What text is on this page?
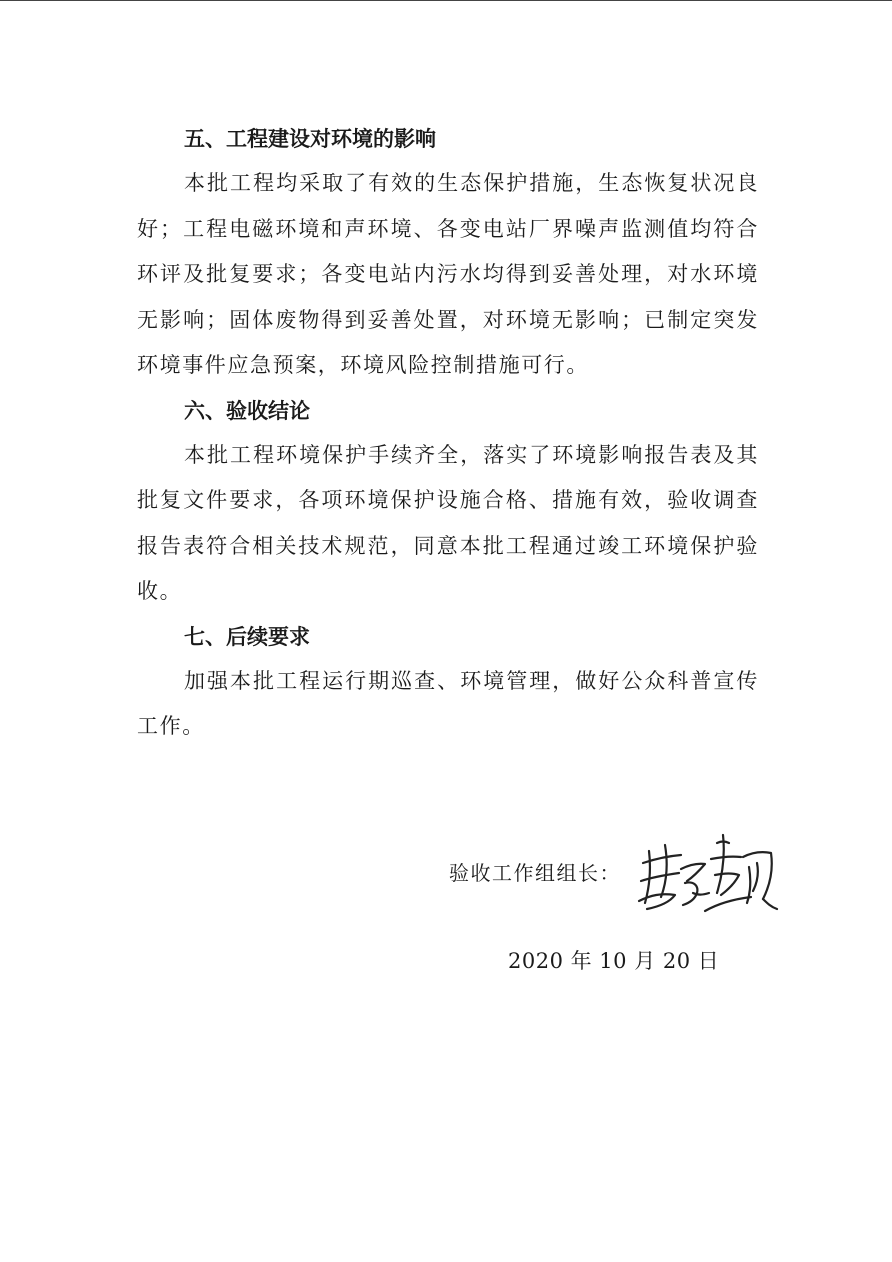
五、工程建设对环境的影响

本批工程均采取了有效的生态保护措施，生态恢复状况良好；工程电磁环境和声环境、各变电站厂界噪声监测值均符合环评及批复要求；各变电站内污水均得到妥善处理，对水环境无影响；固体废物得到妥善处置，对环境无影响；已制定突发环境事件应急预案，环境风险控制措施可行。

六、验收结论

本批工程环境保护手续齐全，落实了环境影响报告表及其批复文件要求，各项环境保护设施合格、措施有效，验收调查报告表符合相关技术规范，同意本批工程通过竣工环境保护验收。

七、后续要求

加强本批工程运行期巡查、环境管理，做好公众科普宣传工作。

验收工作组组长：
2020 年 10 月 20 日
